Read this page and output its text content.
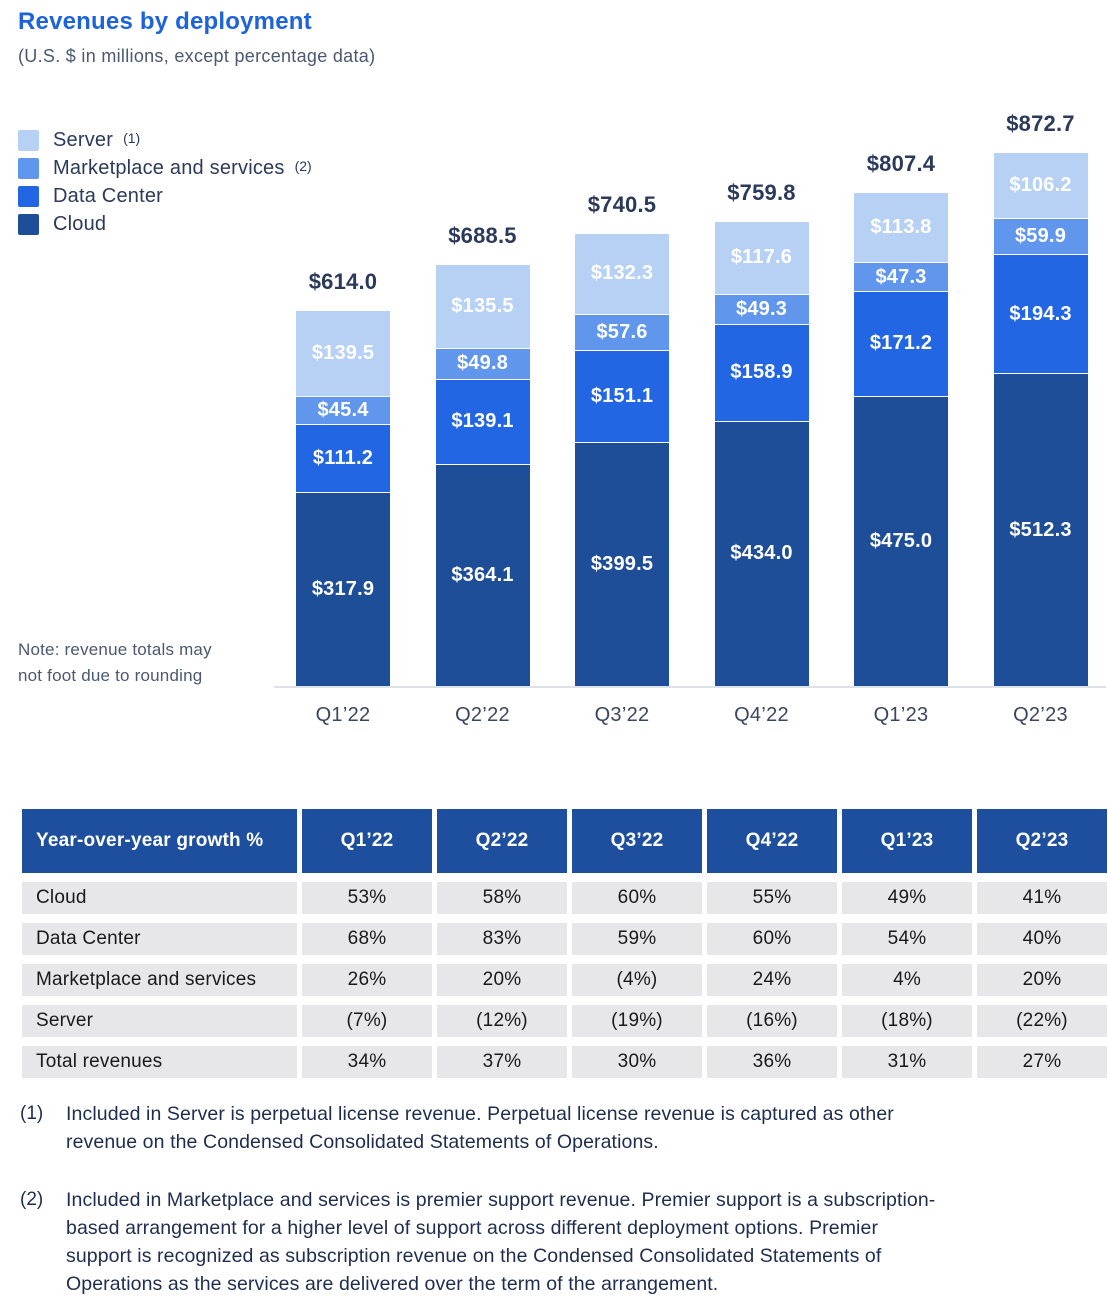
Revenues by deployment
(U.S. $ in millions, except percentage data)
Server (1)
Marketplace and services (2)
Data Center
Cloud
$614.0
$139.5
$45.4
$111.2
$317.9
Q1’22
$688.5
$135.5
$49.8
$139.1
$364.1
Q2’22
$740.5
$132.3
$57.6
$151.1
$399.5
Q3’22
$759.8
$117.6
$49.3
$158.9
$434.0
Q4’22
$807.4
$113.8
$47.3
$171.2
$475.0
Q1’23
$872.7
$106.2
$59.9
$194.3
$512.3
Q2’23
Note: revenue totals may
not foot due to rounding
Year-over-year growth %	Q1’22	Q2’22	Q3’22	Q4’22	Q1’23	Q2’23
Cloud	53%	58%	60%	55%	49%	41%
Data Center	68%	83%	59%	60%	54%	40%
Marketplace and services	26%	20%	(4%)	24%	4%	20%
Server	(7%)	(12%)	(19%)	(16%)	(18%)	(22%)
Total revenues	34%	37%	30%	36%	31%	27%
(1)	Included in Server is perpetual license revenue. Perpetual license revenue is captured as other revenue on the Condensed Consolidated Statements of Operations.
(2)	Included in Marketplace and services is premier support revenue. Premier support is a subscription-based arrangement for a higher level of support across different deployment options. Premier support is recognized as subscription revenue on the Condensed Consolidated Statements of Operations as the services are delivered over the term of the arrangement.
